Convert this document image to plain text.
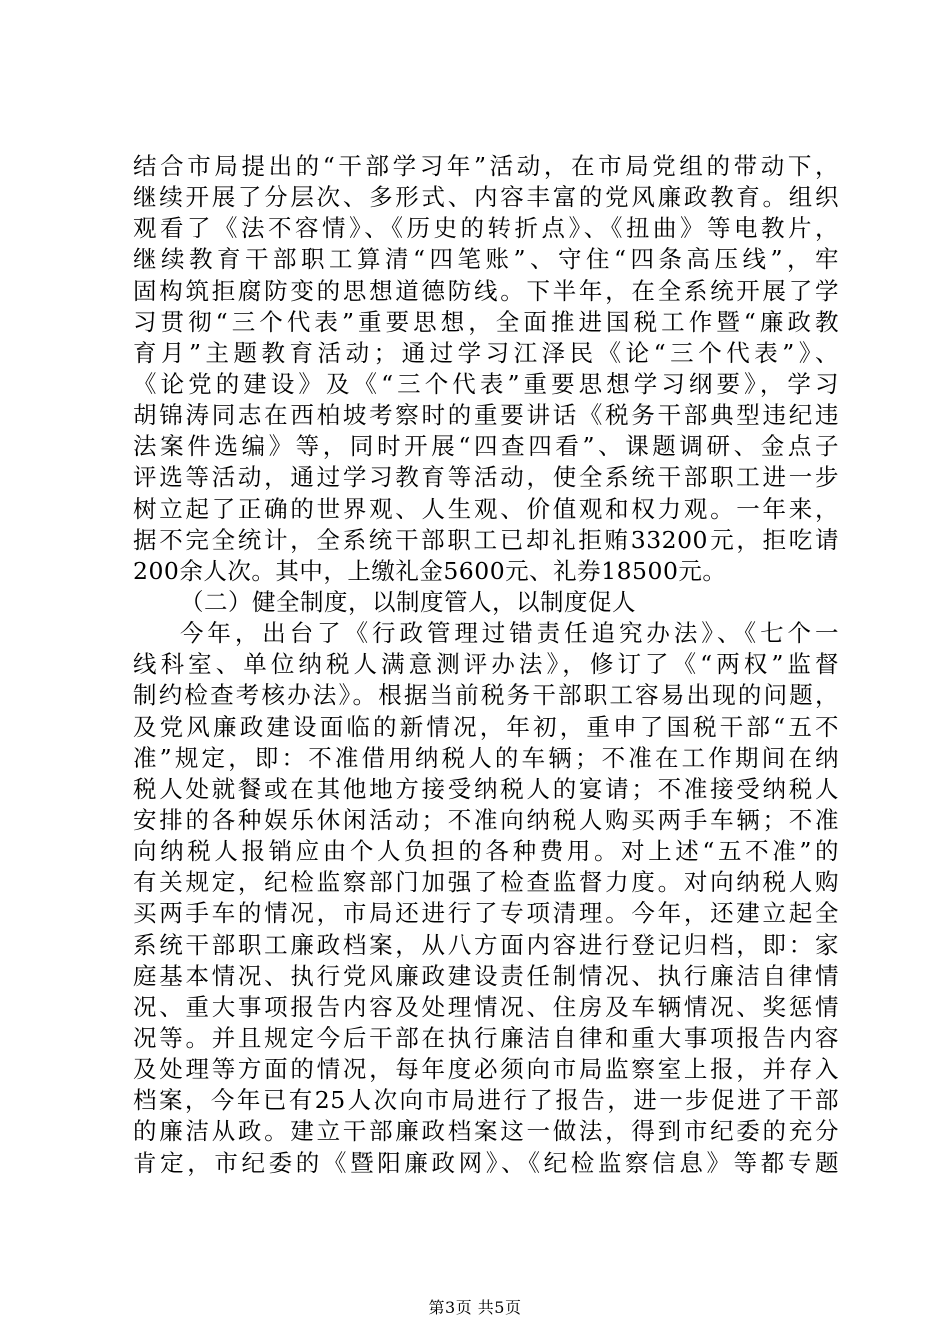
结合市局提出的“干部学习年”活动，在市局党组的带动下，
继续开展了分层次、多形式、内容丰富的党风廉政教育。组织
观看了《法不容情》、《历史的转折点》、《扭曲》等电教片，
继续教育干部职工算清“四笔账”、守住“四条高压线”，牢
固构筑拒腐防变的思想道德防线。下半年，在全系统开展了学
习贯彻“三个代表”重要思想，全面推进国税工作暨“廉政教
育月”主题教育活动；通过学习江泽民《论“三个代表”》、
《论党的建设》及《“三个代表”重要思想学习纲要》，学习
胡锦涛同志在西柏坡考察时的重要讲话《税务干部典型违纪违
法案件选编》等，同时开展“四查四看”、课题调研、金点子
评选等活动，通过学习教育等活动，使全系统干部职工进一步
树立起了正确的世界观、人生观、价值观和权力观。一年来，
据不完全统计，全系统干部职工已却礼拒贿33200元，拒吃请
200余人次。其中，上缴礼金5600元、礼券18500元。
（二）健全制度，以制度管人，以制度促人
今年，出台了《行政管理过错责任追究办法》、《七个一
线科室、单位纳税人满意测评办法》，修订了《“两权”监督
制约检查考核办法》。根据当前税务干部职工容易出现的问题，
及党风廉政建设面临的新情况，年初，重申了国税干部“五不
准”规定，即：不准借用纳税人的车辆；不准在工作期间在纳
税人处就餐或在其他地方接受纳税人的宴请；不准接受纳税人
安排的各种娱乐休闲活动；不准向纳税人购买两手车辆；不准
向纳税人报销应由个人负担的各种费用。对上述“五不准”的
有关规定，纪检监察部门加强了检查监督力度。对向纳税人购
买两手车的情况，市局还进行了专项清理。今年，还建立起全
系统干部职工廉政档案，从八方面内容进行登记归档，即：家
庭基本情况、执行党风廉政建设责任制情况、执行廉洁自律情
况、重大事项报告内容及处理情况、住房及车辆情况、奖惩情
况等。并且规定今后干部在执行廉洁自律和重大事项报告内容
及处理等方面的情况，每年度必须向市局监察室上报，并存入
档案，今年已有25人次向市局进行了报告，进一步促进了干部
的廉洁从政。建立干部廉政档案这一做法，得到市纪委的充分
肯定，市纪委的《暨阳廉政网》、《纪检监察信息》等都专题
第3页 共5页
